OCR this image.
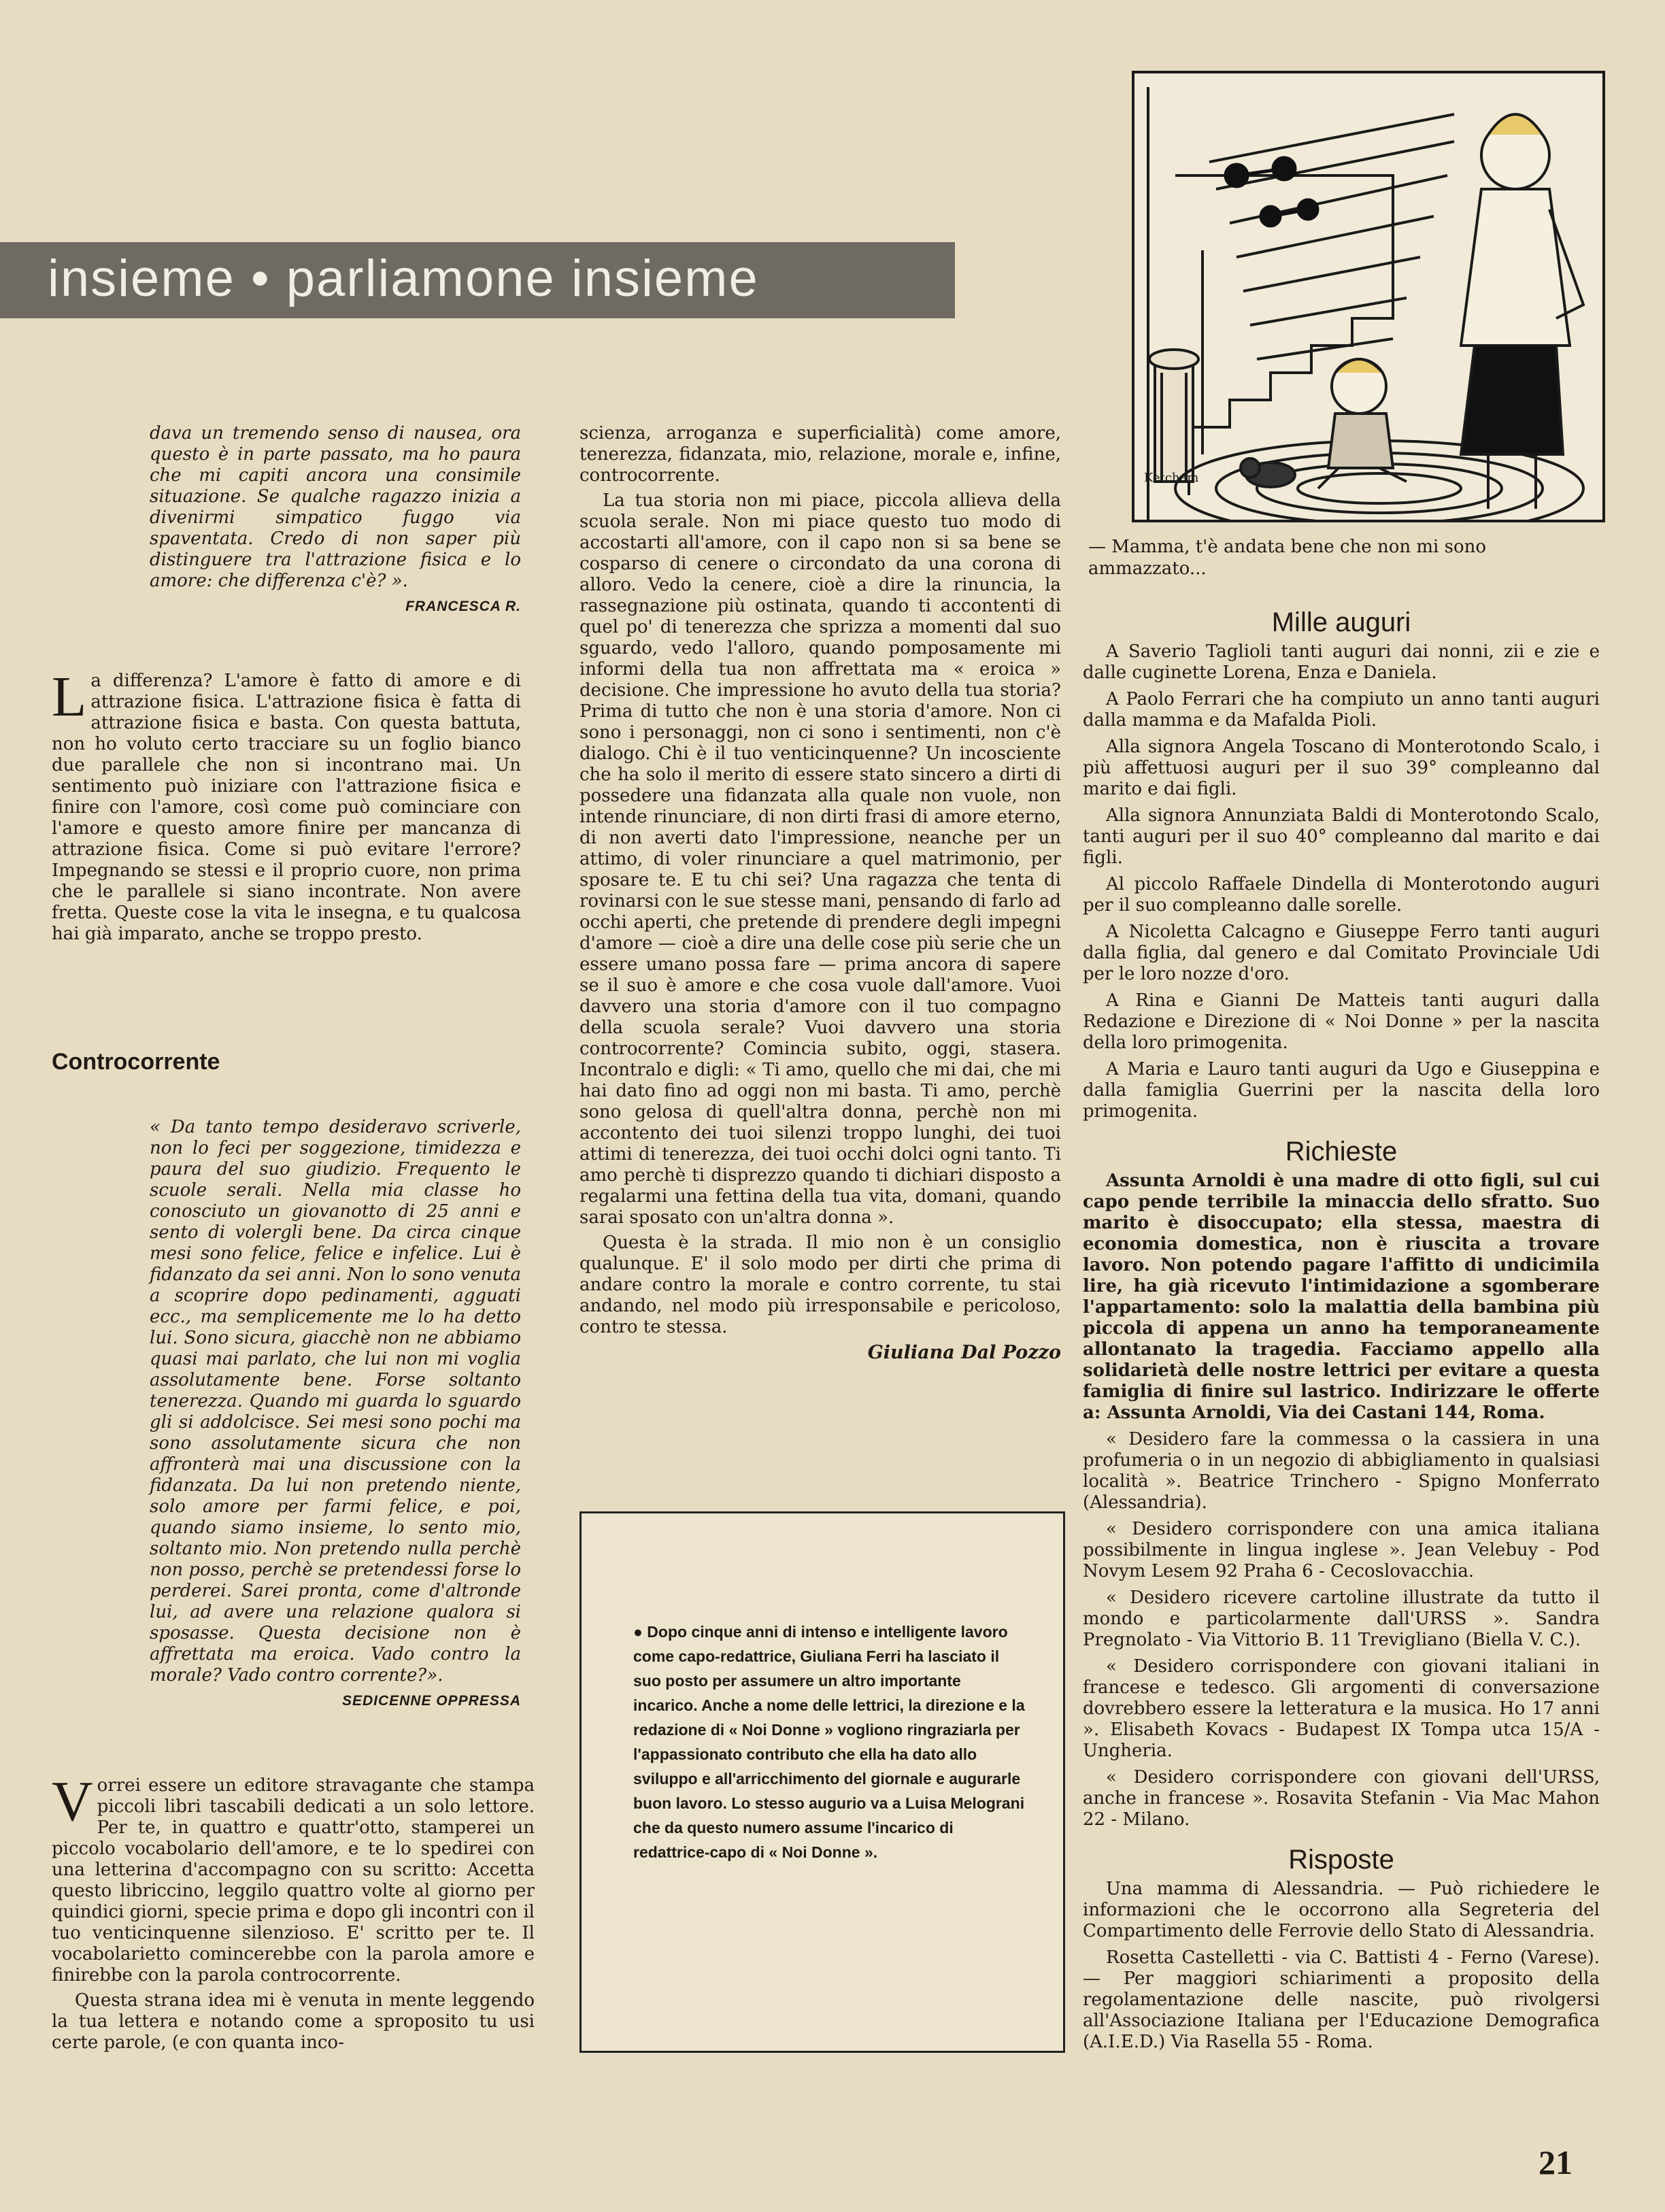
insieme • parliamone insieme

dava un tremendo senso di nausea, ora questo è in parte passato, ma ho paura che mi capiti ancora una consimile situazione. Se qualche ragazzo inizia a divenirmi simpatico fuggo via spaventata. Credo di non saper più distinguere tra l'attrazione fisica e lo amore: che differenza c'è? ».

FRANCESCA R.

La differenza? L'amore è fatto di amore e di attrazione fisica. L'attrazione fisica è fatta di attrazione fisica e basta. Con questa battuta, non ho voluto certo tracciare su un foglio bianco due parallele che non si incontrano mai. Un sentimento può iniziare con l'attrazione fisica e finire con l'amore, così come può cominciare con l'amore e questo amore finire per mancanza di attrazione fisica. Come si può evitare l'errore? Impegnando se stessi e il proprio cuore, non prima che le parallele si siano incontrate. Non avere fretta. Queste cose la vita le insegna, e tu qualcosa hai già imparato, anche se troppo presto.

Controcorrente

« Da tanto tempo desideravo scriverle, non lo feci per soggezione, timidezza e paura del suo giudizio. Frequento le scuole serali. Nella mia classe ho conosciuto un giovanotto di 25 anni e sento di volergli bene. Da circa cinque mesi sono felice, felice e infelice. Lui è fidanzato da sei anni. Non lo sono venuta a scoprire dopo pedinamenti, agguati ecc., ma semplicemente me lo ha detto lui. Sono sicura, giacchè non ne abbiamo quasi mai parlato, che lui non mi voglia assolutamente bene. Forse soltanto tenerezza. Quando mi guarda lo sguardo gli si addolcisce. Sei mesi sono pochi ma sono assolutamente sicura che non affronterà mai una discussione con la fidanzata. Da lui non pretendo niente, solo amore per farmi felice, e poi, quando siamo insieme, lo sento mio, soltanto mio. Non pretendo nulla perchè non posso, perchè se pretendessi forse lo perderei. Sarei pronta, come d'altronde lui, ad avere una relazione qualora si sposasse. Questa decisione non è affrettata ma eroica. Vado contro la morale? Vado contro corrente?».

SEDICENNE OPPRESSA

Vorrei essere un editore stravagante che stampa piccoli libri tascabili dedicati a un solo lettore. Per te, in quattro e quattr'otto, stamperei un piccolo vocabolario dell'amore, e te lo spedirei con una letterina d'accompagno con su scritto: Accetta questo libriccino, leggilo quattro volte al giorno per quindici giorni, specie prima e dopo gli incontri con il tuo venticinquenne silenzioso. E' scritto per te. Il vocabolarietto comincerebbe con la parola amore e finirebbe con la parola controcorrente.

Questa strana idea mi è venuta in mente leggendo la tua lettera e notando come a sproposito tu usi certe parole, (e con quanta inco-

scienza, arroganza e superficialità) come amore, tenerezza, fidanzata, mio, relazione, morale e, infine, controcorrente.

La tua storia non mi piace, piccola allieva della scuola serale. Non mi piace questo tuo modo di accostarti all'amore, con il capo non si sa bene se cosparso di cenere o circondato da una corona di alloro. Vedo la cenere, cioè a dire la rinuncia, la rassegnazione più ostinata, quando ti accontenti di quel po' di tenerezza che sprizza a momenti dal suo sguardo, vedo l'alloro, quando pomposamente mi informi della tua non affrettata ma « eroica » decisione. Che impressione ho avuto della tua storia? Prima di tutto che non è una storia d'amore. Non ci sono i personaggi, non ci sono i sentimenti, non c'è dialogo. Chi è il tuo venticinquenne? Un incosciente che ha solo il merito di essere stato sincero a dirti di possedere una fidanzata alla quale non vuole, non intende rinunciare, di non dirti frasi di amore eterno, di non averti dato l'impressione, neanche per un attimo, di voler rinunciare a quel matrimonio, per sposare te. E tu chi sei? Una ragazza che tenta di rovinarsi con le sue stesse mani, pensando di farlo ad occhi aperti, che pretende di prendere degli impegni d'amore — cioè a dire una delle cose più serie che un essere umano possa fare — prima ancora di sapere se il suo è amore e che cosa vuole dall'amore. Vuoi davvero una storia d'amore con il tuo compagno della scuola serale? Vuoi davvero una storia controcorrente? Comincia subito, oggi, stasera. Incontralo e digli: « Ti amo, quello che mi dai, che mi hai dato fino ad oggi non mi basta. Ti amo, perchè sono gelosa di quell'altra donna, perchè non mi accontento dei tuoi silenzi troppo lunghi, dei tuoi attimi di tenerezza, dei tuoi occhi dolci ogni tanto. Ti amo perchè ti disprezzo quando ti dichiari disposto a regalarmi una fettina della tua vita, domani, quando sarai sposato con un'altra donna ».

Questa è la strada. Il mio non è un consiglio qualunque. E' il solo modo per dirti che prima di andare contro la morale e contro corrente, tu stai andando, nel modo più irresponsabile e pericoloso, contro te stessa.

Giuliana Dal Pozzo

● Dopo cinque anni di intenso e intelligente lavoro come capo-redattrice, Giuliana Ferri ha lasciato il suo posto per assumere un altro importante incarico. Anche a nome delle lettrici, la direzione e la redazione di « Noi Donne » vogliono ringraziarla per l'appassionato contributo che ella ha dato allo sviluppo e all'arricchimento del giornale e augurarle buon lavoro. Lo stesso augurio va a Luisa Melograni che da questo numero assume l'incarico di redattrice-capo di « Noi Donne ».
Ketcham
— Mamma, t'è andata bene che non mi sono ammazzato...

Mille auguri

A Saverio Taglioli tanti auguri dai nonni, zii e zie e dalle cuginette Lorena, Enza e Daniela.

A Paolo Ferrari che ha compiuto un anno tanti auguri dalla mamma e da Mafalda Pioli.

Alla signora Angela Toscano di Monterotondo Scalo, i più affettuosi auguri per il suo 39° compleanno dal marito e dai figli.

Alla signora Annunziata Baldi di Monterotondo Scalo, tanti auguri per il suo 40° compleanno dal marito e dai figli.

Al piccolo Raffaele Dindella di Monterotondo auguri per il suo compleanno dalle sorelle.

A Nicoletta Calcagno e Giuseppe Ferro tanti auguri dalla figlia, dal genero e dal Comitato Provinciale Udi per le loro nozze d'oro.

A Rina e Gianni De Matteis tanti auguri dalla Redazione e Direzione di « Noi Donne » per la nascita della loro primogenita.

A Maria e Lauro tanti auguri da Ugo e Giuseppina e dalla famiglia Guerrini per la nascita della loro primogenita.

Richieste

Assunta Arnoldi è una madre di otto figli, sul cui capo pende terribile la minaccia dello sfratto. Suo marito è disoccupato; ella stessa, maestra di economia domestica, non è riuscita a trovare lavoro. Non potendo pagare l'affitto di undicimila lire, ha già ricevuto l'intimidazione a sgomberare l'appartamento: solo la malattia della bambina più piccola di appena un anno ha temporaneamente allontanato la tragedia. Facciamo appello alla solidarietà delle nostre lettrici per evitare a questa famiglia di finire sul lastrico. Indirizzare le offerte a: Assunta Arnoldi, Via dei Castani 144, Roma.

« Desidero fare la commessa o la cassiera in una profumeria o in un negozio di abbigliamento in qualsiasi località ». Beatrice Trinchero - Spigno Monferrato (Alessandria).

« Desidero corrispondere con una amica italiana possibilmente in lingua inglese ». Jean Velebuy - Pod Novym Lesem 92 Praha 6 - Cecoslovacchia.

« Desidero ricevere cartoline illustrate da tutto il mondo e particolarmente dall'URSS ». Sandra Pregnolato - Via Vittorio B. 11 Trevigliano (Biella V. C.).

« Desidero corrispondere con giovani italiani in francese e tedesco. Gli argomenti di conversazione dovrebbero essere la letteratura e la musica. Ho 17 anni ». Elisabeth Kovacs - Budapest IX Tompa utca 15/A - Ungheria.

« Desidero corrispondere con giovani dell'URSS, anche in francese ». Rosavita Stefanin - Via Mac Mahon 22 - Milano.

Risposte

Una mamma di Alessandria. — Può richiedere le informazioni che le occorrono alla Segreteria del Compartimento delle Ferrovie dello Stato di Alessandria.

Rosetta Castelletti - via C. Battisti 4 - Ferno (Varese). — Per maggiori schiarimenti a proposito della regolamentazione delle nascite, può rivolgersi all'Associazione Italiana per l'Educazione Demografica (A.I.E.D.) Via Rasella 55 - Roma.

21
